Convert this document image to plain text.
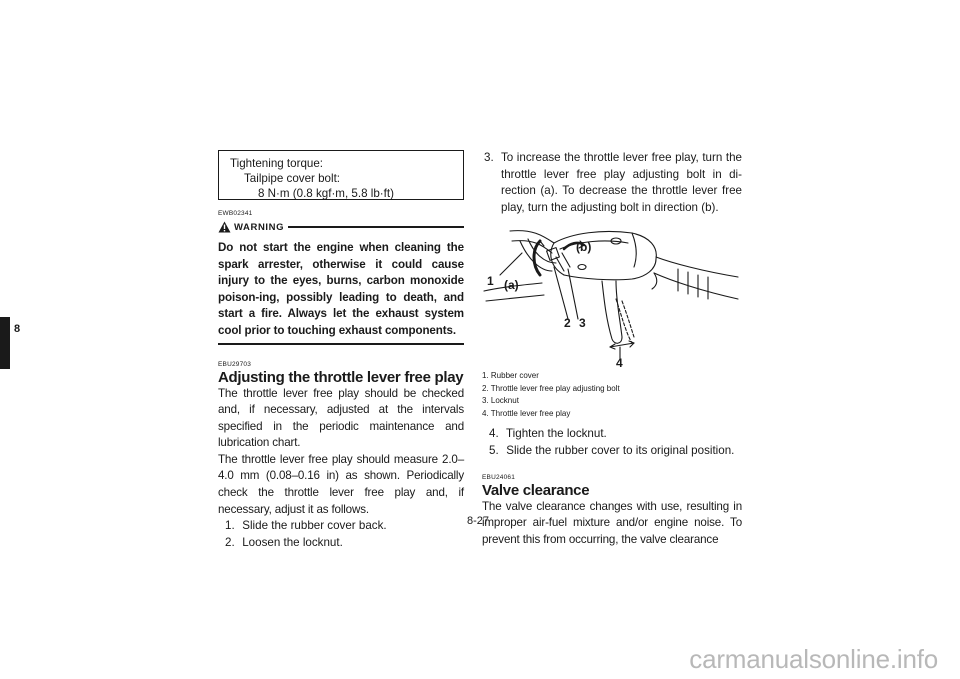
8
Tightening torque:
Tailpipe cover bolt:
8 N·m (0.8 kgf·m, 5.8 lb·ft)

EWB02341

WARNING

Do not start the engine when cleaning the spark arrester, otherwise it could cause injury to the eyes, burns, carbon monoxide poison-ing, possibly leading to death, and start a fire. Always let the exhaust system cool prior to touching exhaust components.

EBU29703

Adjusting the throttle lever free play

The throttle lever free play should be checked and, if necessary, adjusted at the intervals specified in the periodic maintenance and lubrication chart.

The throttle lever free play should measure 2.0–4.0 mm (0.08–0.16 in) as shown. Periodically check the throttle lever free play and, if necessary, adjust it as follows.

1. Slide the rubber cover back.

2. Loosen the locknut.

3. To increase the throttle lever free play, turn the throttle lever free play adjusting bolt in di-rection (a). To decrease the throttle lever free play, turn the adjusting bolt in direction (b).

1 (a)
(b)
2 3
4
1. Rubber cover
2. Throttle lever free play adjusting bolt
3. Locknut
4. Throttle lever free play

4. Tighten the locknut.

5. Slide the rubber cover to its original position.

EBU24061

Valve clearance

The valve clearance changes with use, resulting in improper air-fuel mixture and/or engine noise. To prevent this from occurring, the valve clearance

8-27
carmanualsonline.info
